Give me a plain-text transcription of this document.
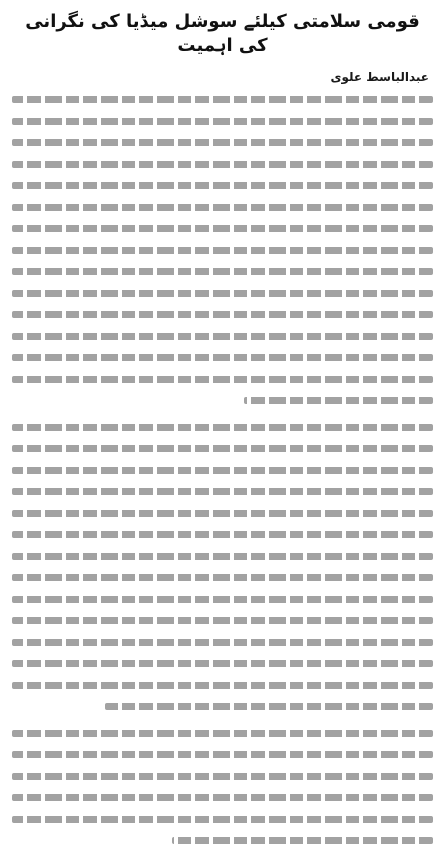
قومی سلامتی کیلئے سوشل میڈیا کی نگرانی کی اہمیت
عبدالباسط علوی
